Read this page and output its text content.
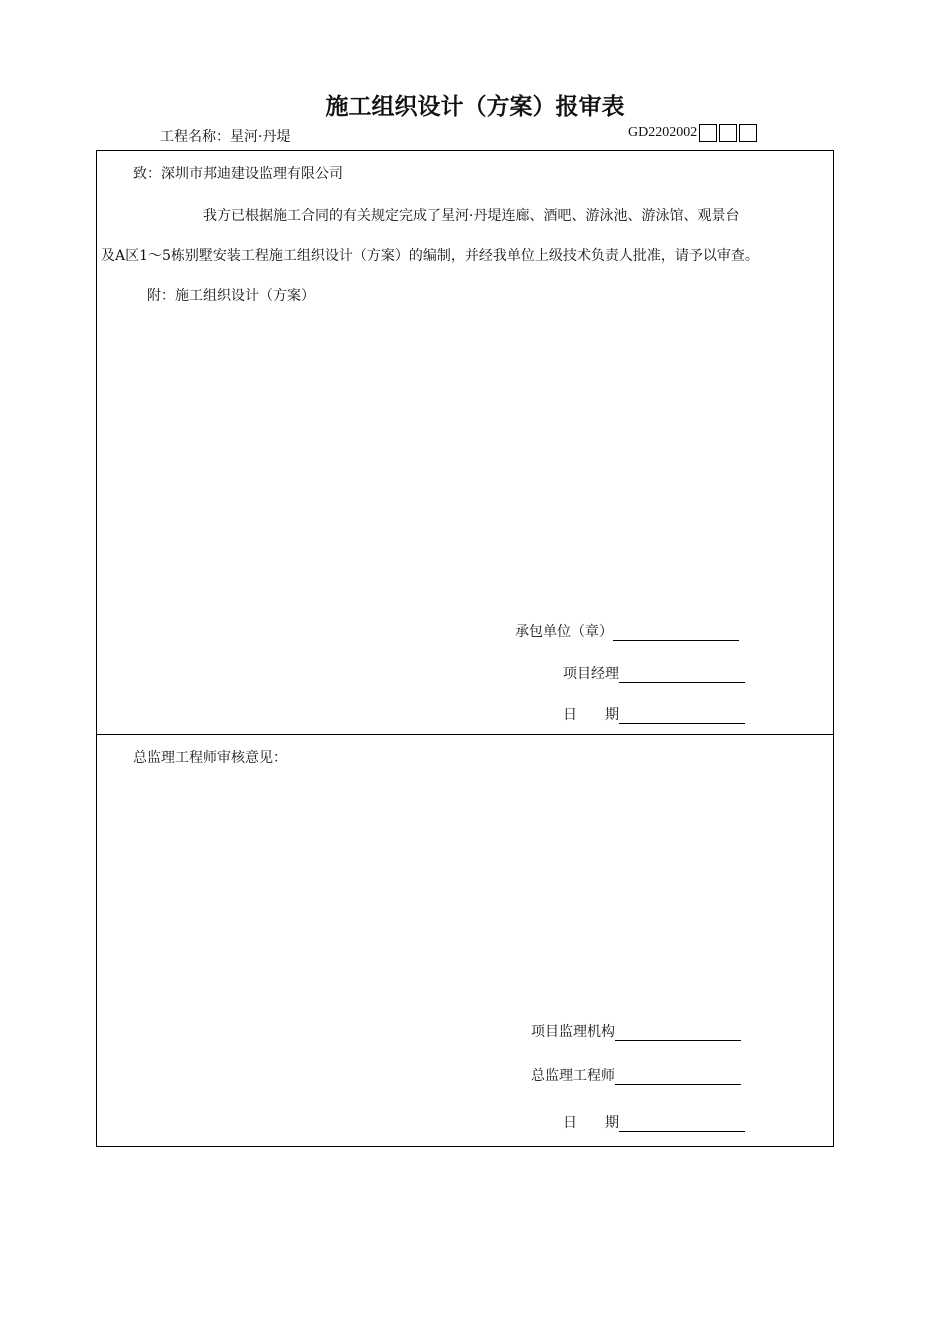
施工组织设计（方案）报审表
工程名称：星河·丹堤	GD2202002
致：深圳市邦迪建设监理有限公司
我方已根据施工合同的有关规定完成了星河·丹堤连廊、酒吧、游泳池、游泳馆、观景台
及A区1～5栋别墅安装工程施工组织设计（方案）的编制，并经我单位上级技术负责人批准，请予以审查。
附：施工组织设计（方案）
承包单位（章）
项目经理
日　　期
总监理工程师审核意见：
项目监理机构
总监理工程师
日　　期
